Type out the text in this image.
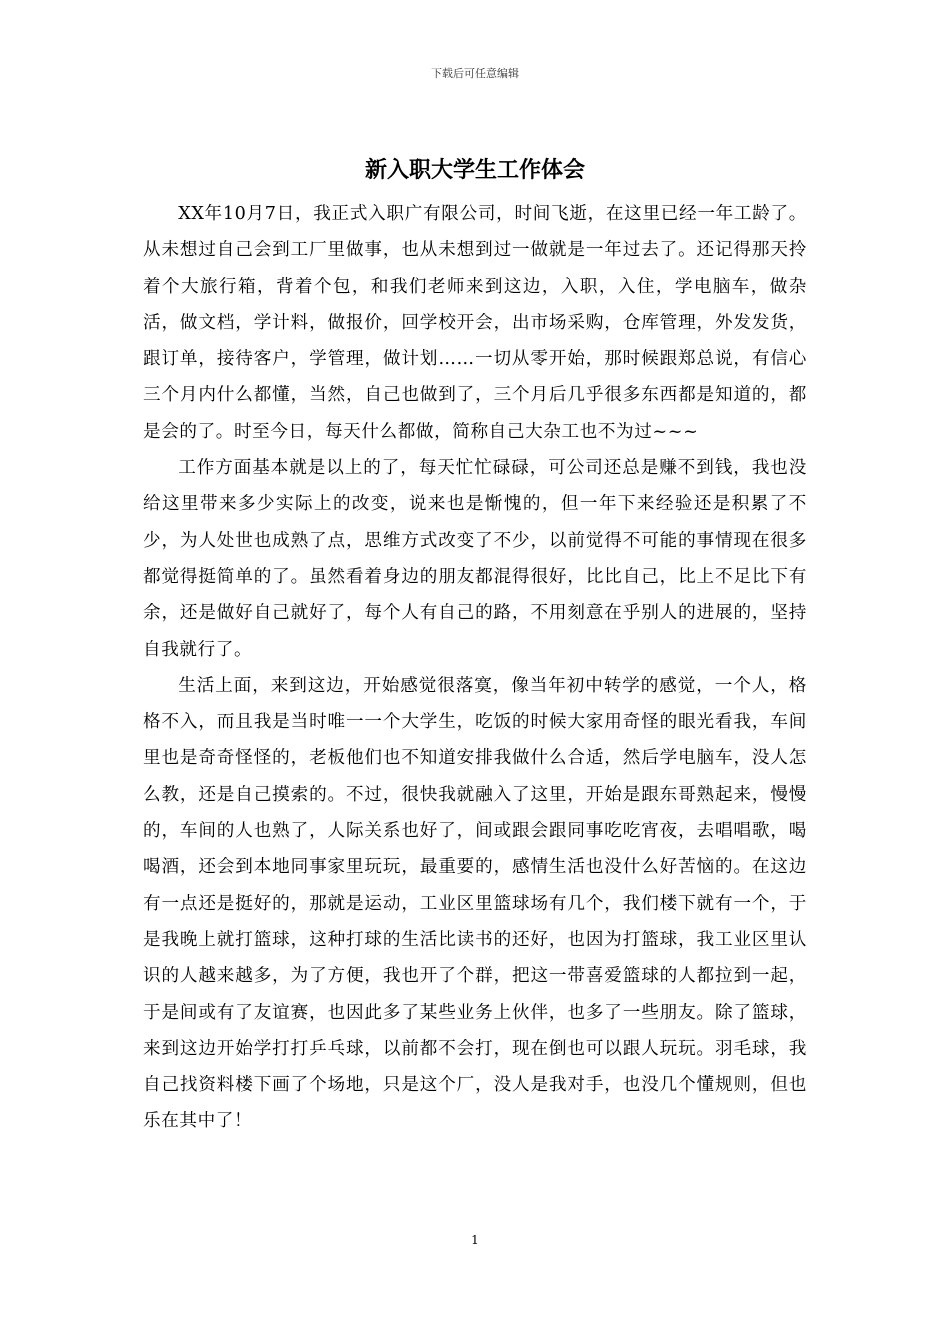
下载后可任意编辑
新入职大学生工作体会

XX年10月7日，我正式入职广有限公司，时间飞逝，在这里已经一年工龄了。从未想过自己会到工厂里做事，也从未想到过一做就是一年过去了。还记得那天拎着个大旅行箱，背着个包，和我们老师来到这边，入职，入住，学电脑车，做杂活，做文档，学计料，做报价，回学校开会，出市场采购，仓库管理，外发发货，跟订单，接待客户，学管理，做计划……一切从零开始，那时候跟郑总说，有信心三个月内什么都懂，当然，自己也做到了，三个月后几乎很多东西都是知道的，都是会的了。时至今日，每天什么都做，简称自己大杂工也不为过~~~

工作方面基本就是以上的了，每天忙忙碌碌，可公司还总是赚不到钱，我也没给这里带来多少实际上的改变，说来也是惭愧的，但一年下来经验还是积累了不少，为人处世也成熟了点，思维方式改变了不少，以前觉得不可能的事情现在很多都觉得挺简单的了。虽然看着身边的朋友都混得很好，比比自己，比上不足比下有余，还是做好自己就好了，每个人有自己的路，不用刻意在乎别人的进展的，坚持自我就行了。

生活上面，来到这边，开始感觉很落寞，像当年初中转学的感觉，一个人，格格不入，而且我是当时唯一一个大学生，吃饭的时候大家用奇怪的眼光看我，车间里也是奇奇怪怪的，老板他们也不知道安排我做什么合适，然后学电脑车，没人怎么教，还是自己摸索的。不过，很快我就融入了这里，开始是跟东哥熟起来，慢慢的，车间的人也熟了，人际关系也好了，间或跟会跟同事吃吃宵夜，去唱唱歌，喝喝酒，还会到本地同事家里玩玩，最重要的，感情生活也没什么好苦恼的。在这边有一点还是挺好的，那就是运动，工业区里篮球场有几个，我们楼下就有一个，于是我晚上就打篮球，这种打球的生活比读书的还好，也因为打篮球，我工业区里认识的人越来越多，为了方便，我也开了个群，把这一带喜爱篮球的人都拉到一起，于是间或有了友谊赛，也因此多了某些业务上伙伴，也多了一些朋友。除了篮球，来到这边开始学打打乒乓球，以前都不会打，现在倒也可以跟人玩玩。羽毛球，我自己找资料楼下画了个场地，只是这个厂，没人是我对手，也没几个懂规则，但也乐在其中了！

1
